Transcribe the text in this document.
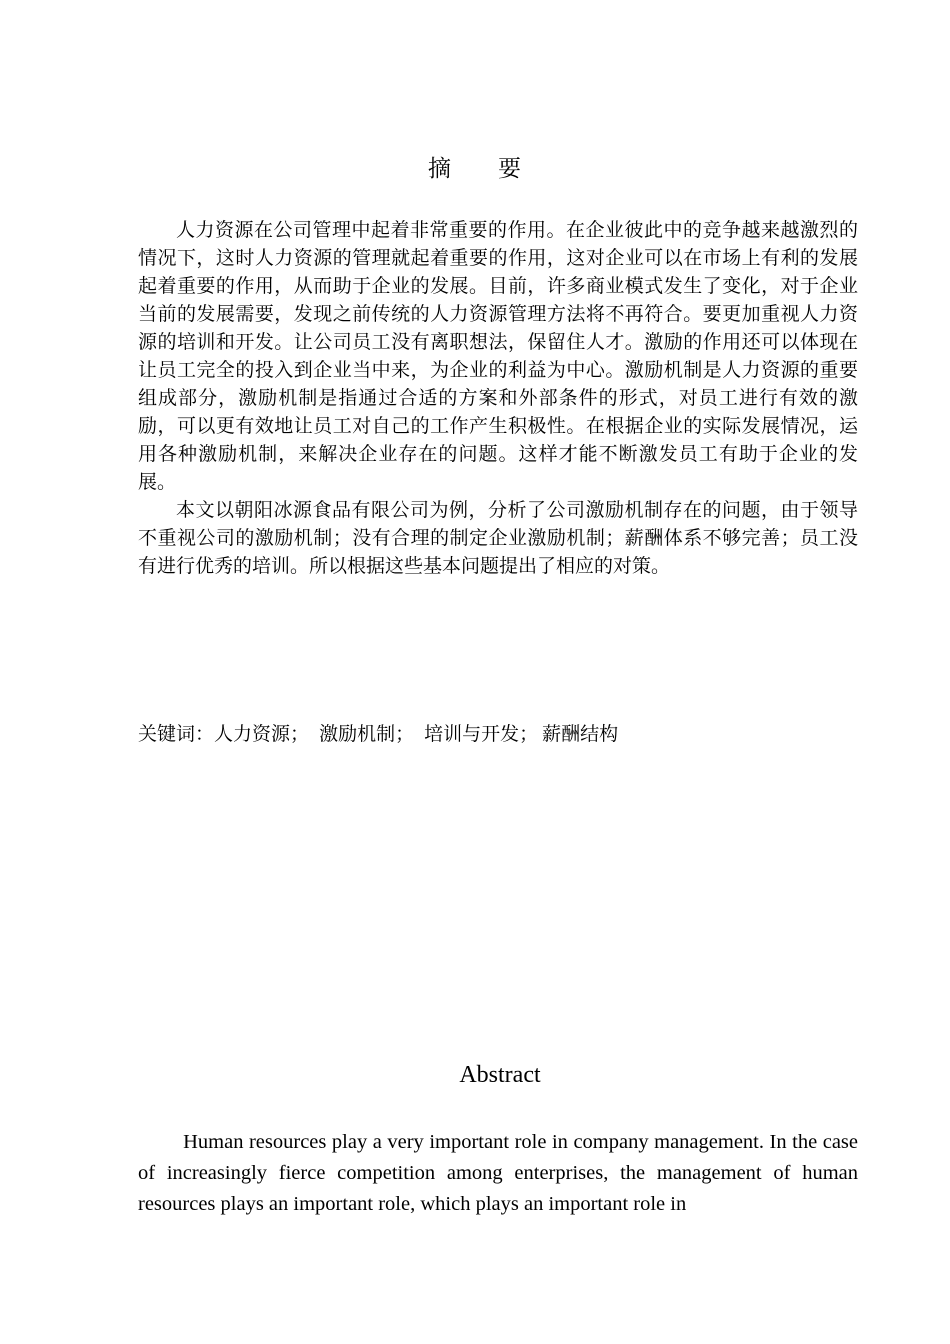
摘 要

人力资源在公司管理中起着非常重要的作用。在企业彼此中的竞争越来越激烈的情况下，这时人力资源的管理就起着重要的作用，这对企业可以在市场上有利的发展起着重要的作用，从而助于企业的发展。目前，许多商业模式发生了变化，对于企业当前的发展需要，发现之前传统的人力资源管理方法将不再符合。要更加重视人力资源的培训和开发。让公司员工没有离职想法，保留住人才。激励的作用还可以体现在让员工完全的投入到企业当中来，为企业的利益为中心。激励机制是人力资源的重要组成部分，激励机制是指通过合适的方案和外部条件的形式，对员工进行有效的激励，可以更有效地让员工对自己的工作产生积极性。在根据企业的实际发展情况，运用各种激励机制，来解决企业存在的问题。这样才能不断激发员工有助于企业的发展。

本文以朝阳冰源食品有限公司为例，分析了公司激励机制存在的问题，由于领导不重视公司的激励机制；没有合理的制定企业激励机制；薪酬体系不够完善；员工没有进行优秀的培训。所以根据这些基本问题提出了相应的对策。

关键词：人力资源； 激励机制； 培训与开发； 薪酬结构
Abstract

Human resources play a very important role in company management. In the case of increasingly fierce competition among enterprises, the management of human resources plays an important role, which plays an important role in
